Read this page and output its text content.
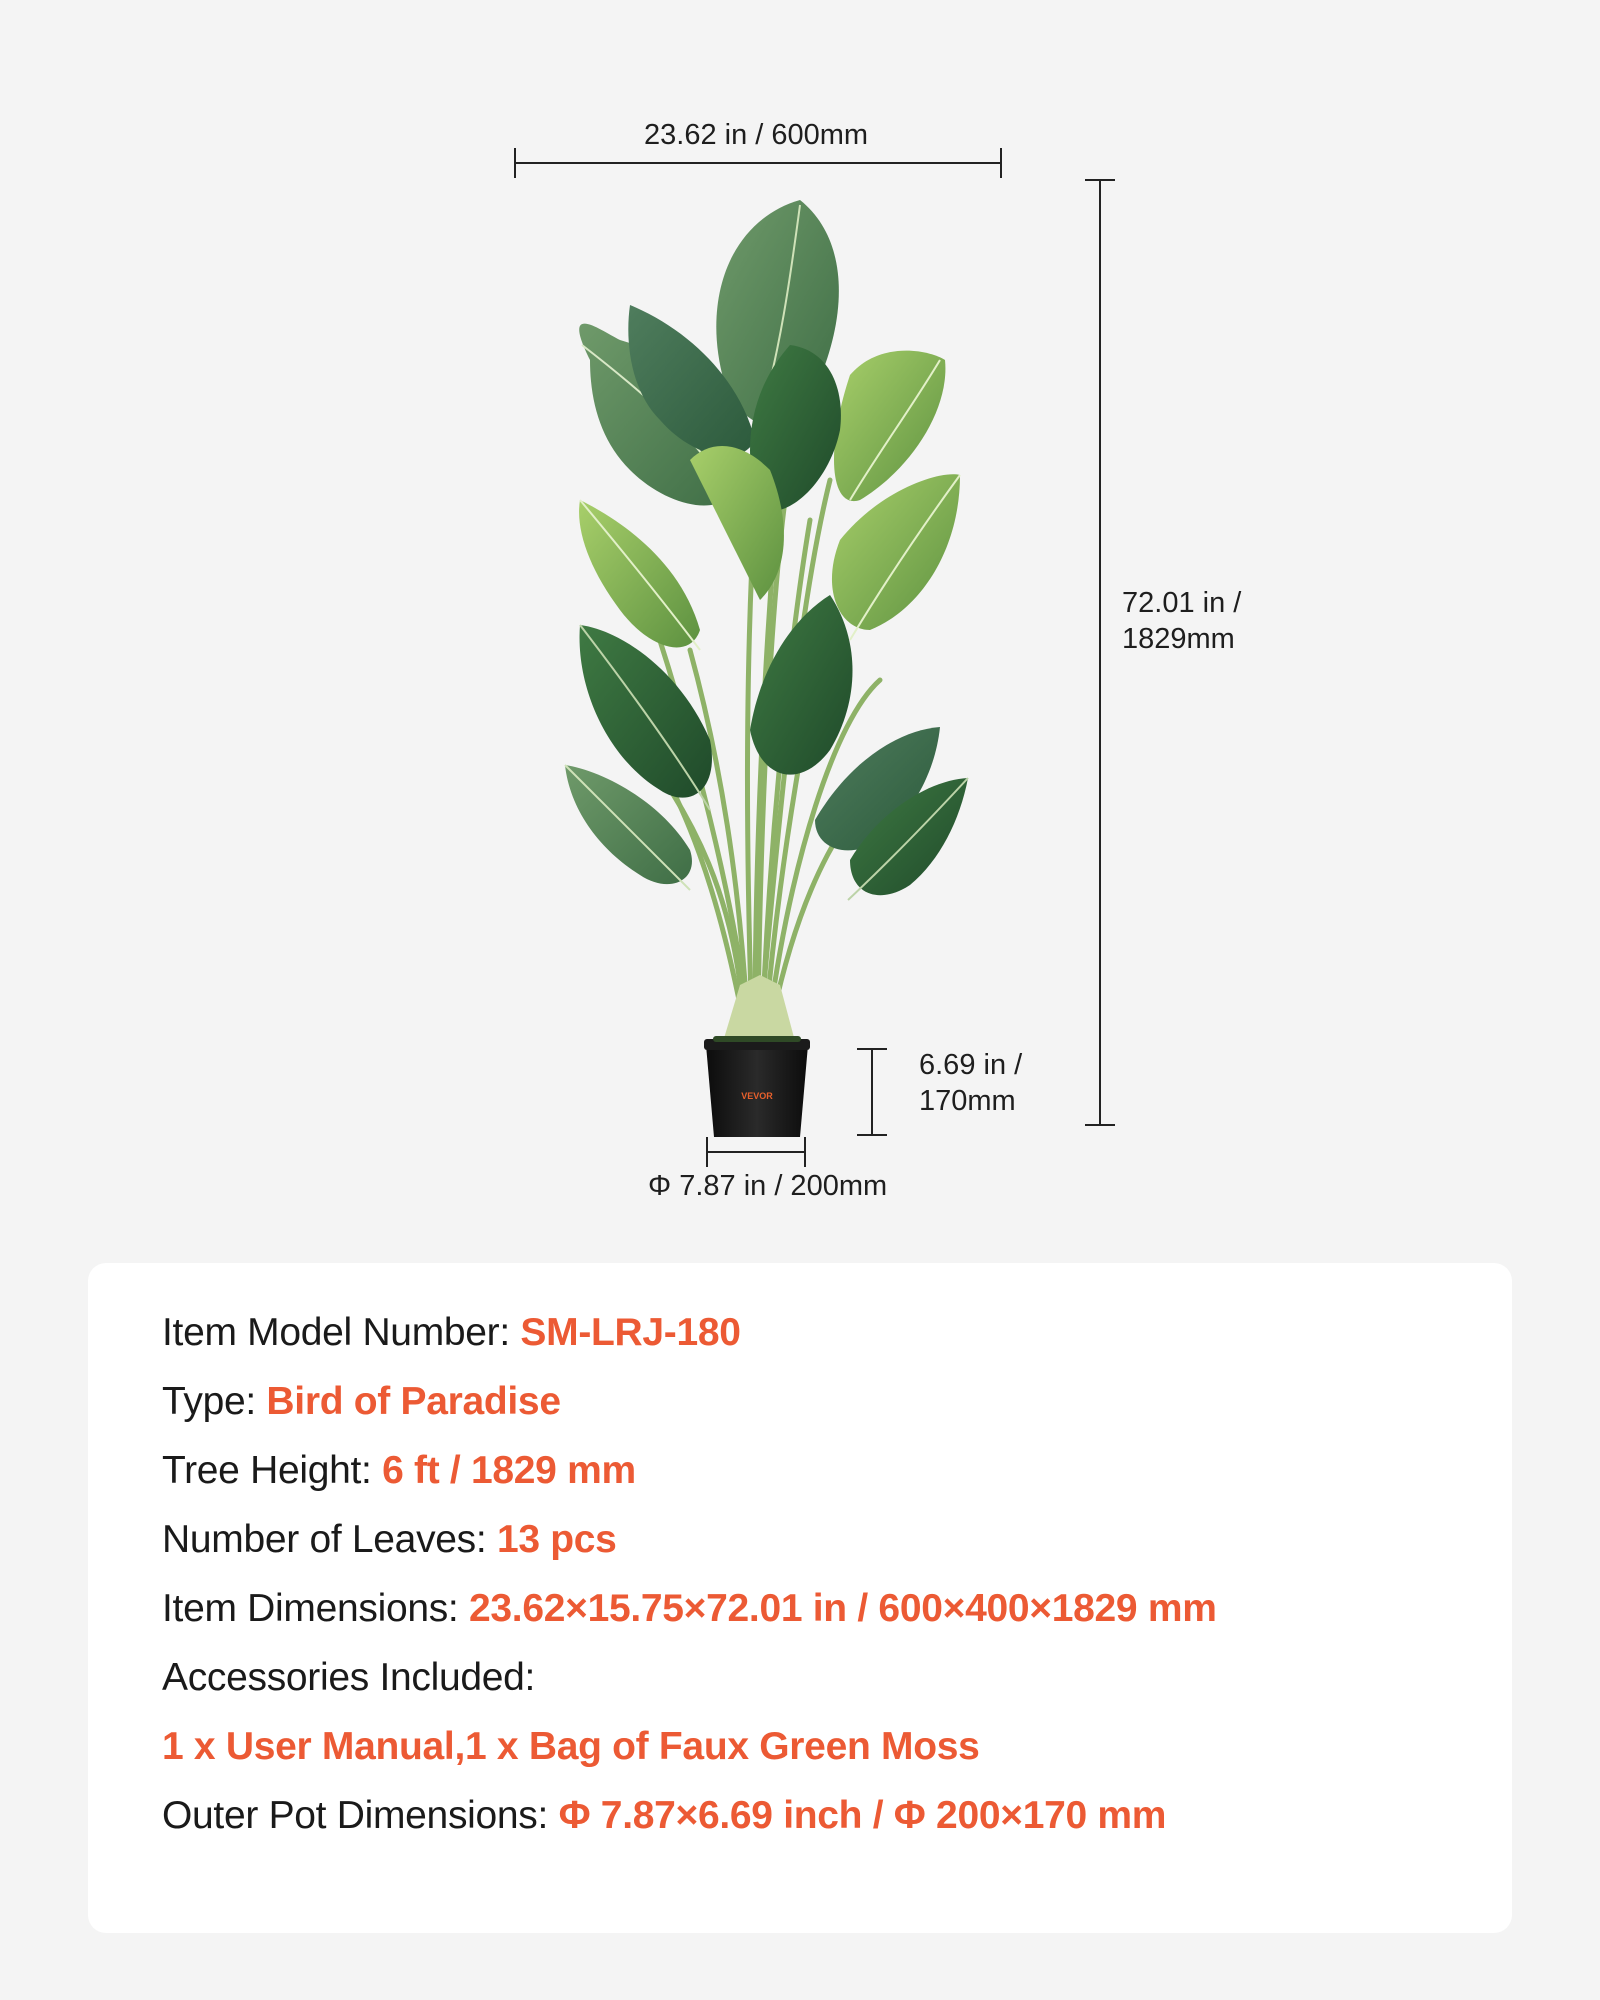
23.62 in / 600mm
72.01 in /
1829mm
6.69 in /
170mm
Φ 7.87 in / 200mm
VEVOR
Item Model Number: SM-LRJ-180
Type: Bird of Paradise
Tree Height: 6 ft / 1829 mm
Number of Leaves: 13 pcs
Item Dimensions: 23.62×15.75×72.01 in / 600×400×1829 mm
Accessories Included:
1 x User Manual,1 x Bag of Faux Green Moss
Outer Pot Dimensions: Φ 7.87×6.69 inch / Φ 200×170 mm
